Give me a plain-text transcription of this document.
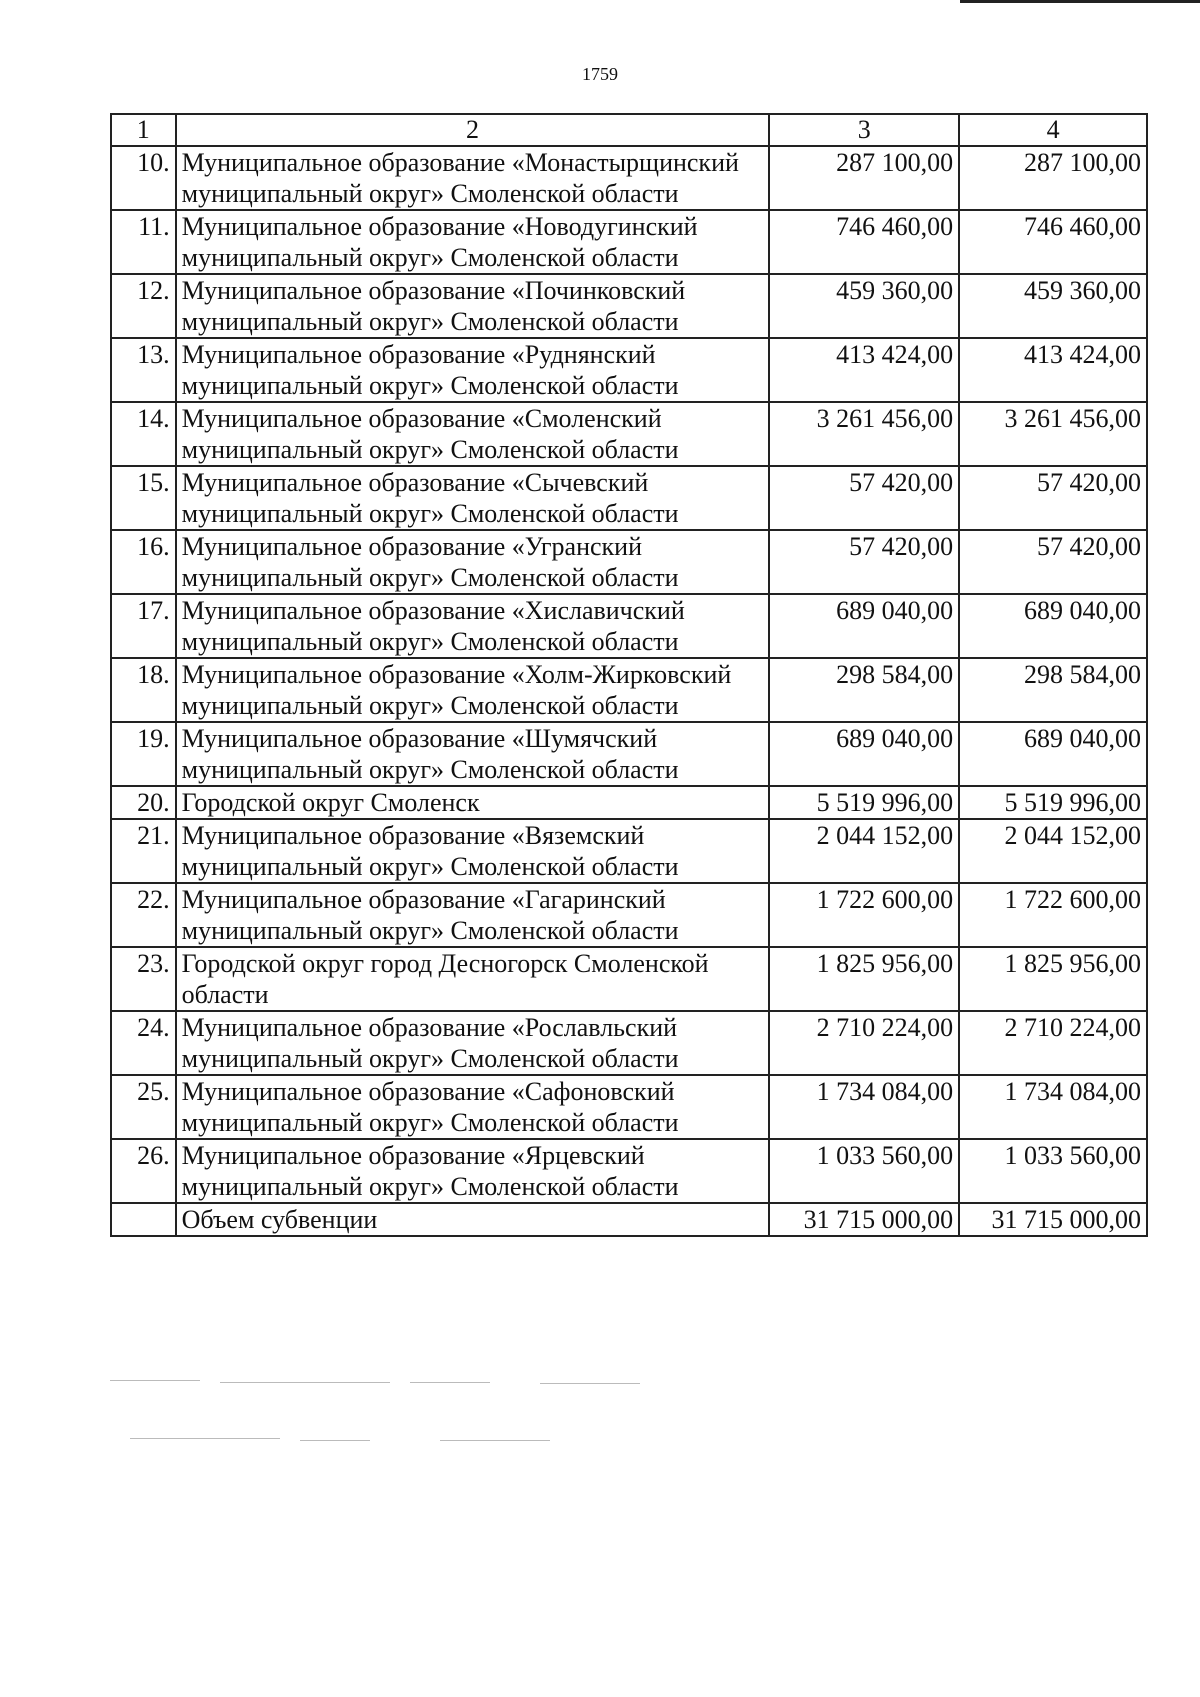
1759
1	2	3	4
10.	Муниципальное образование «Монастырщинский муниципальный округ» Смоленской области	287 100,00	287 100,00
11.	Муниципальное образование «Новодугинский муниципальный округ» Смоленской области	746 460,00	746 460,00
12.	Муниципальное образование «Починковский муниципальный округ» Смоленской области	459 360,00	459 360,00
13.	Муниципальное образование «Руднянский муниципальный округ» Смоленской области	413 424,00	413 424,00
14.	Муниципальное образование «Смоленский муниципальный округ» Смоленской области	3 261 456,00	3 261 456,00
15.	Муниципальное образование «Сычевский муниципальный округ» Смоленской области	57 420,00	57 420,00
16.	Муниципальное образование «Угранский муниципальный округ» Смоленской области	57 420,00	57 420,00
17.	Муниципальное образование «Хиславичский муниципальный округ» Смоленской области	689 040,00	689 040,00
18.	Муниципальное образование «Холм-Жирковский муниципальный округ» Смоленской области	298 584,00	298 584,00
19.	Муниципальное образование «Шумячский муниципальный округ» Смоленской области	689 040,00	689 040,00
20.	Городской округ Смоленск	5 519 996,00	5 519 996,00
21.	Муниципальное образование «Вяземский муниципальный округ» Смоленской области	2 044 152,00	2 044 152,00
22.	Муниципальное образование «Гагаринский муниципальный округ» Смоленской области	1 722 600,00	1 722 600,00
23.	Городской округ город Десногорск Смоленской области	1 825 956,00	1 825 956,00
24.	Муниципальное образование «Рославльский муниципальный округ» Смоленской области	2 710 224,00	2 710 224,00
25.	Муниципальное образование «Сафоновский муниципальный округ» Смоленской области	1 734 084,00	1 734 084,00
26.	Муниципальное образование «Ярцевский муниципальный округ» Смоленской области	1 033 560,00	1 033 560,00
	Объем субвенции	31 715 000,00	31 715 000,00
